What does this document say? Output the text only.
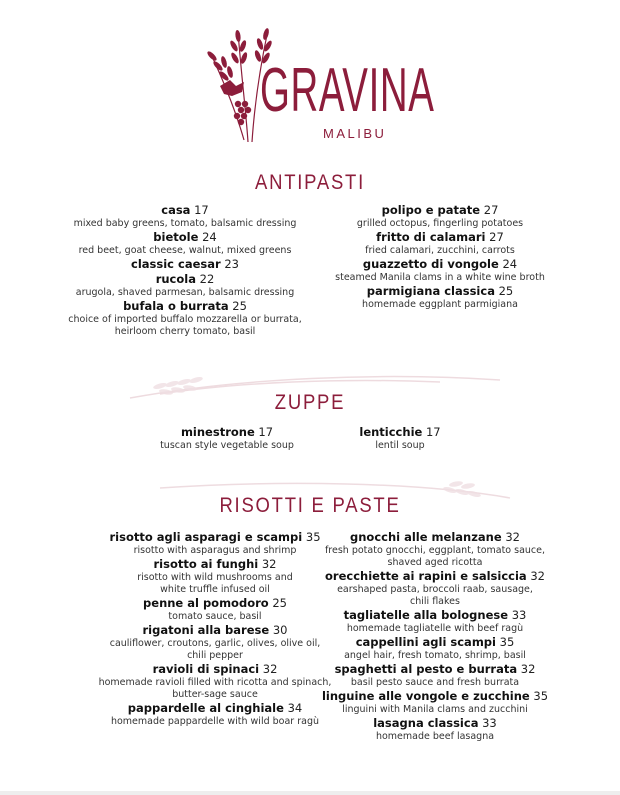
GRAVINA
MALIBU
ANTIPASTI
casa 17
mixed baby greens, tomato, balsamic dressing
bietole 24
red beet, goat cheese, walnut, mixed greens
classic caesar 23
rucola 22
arugola, shaved parmesan, balsamic dressing
bufala o burrata 25
choice of imported buffalo mozzarella or burrata,
heirloom cherry tomato, basil
polipo e patate 27
grilled octopus, fingerling potatoes
fritto di calamari 27
fried calamari, zucchini, carrots
guazzetto di vongole 24
steamed Manila clams in a white wine broth
parmigiana classica 25
homemade eggplant parmigiana
ZUPPE
minestrone 17
tuscan style vegetable soup
lenticchie 17
lentil soup
RISOTTI E PASTE
risotto agli asparagi e scampi 35
risotto with asparagus and shrimp
risotto ai funghi 32
risotto with wild mushrooms and
white truffle infused oil
penne al pomodoro 25
tomato sauce, basil
rigatoni alla barese 30
cauliflower, croutons, garlic, olives, olive oil,
chili pepper
ravioli di spinaci 32
homemade ravioli filled with ricotta and spinach,
butter-sage sauce
pappardelle al cinghiale 34
homemade pappardelle with wild boar ragù
gnocchi alle melanzane 32
fresh potato gnocchi, eggplant, tomato sauce,
shaved aged ricotta
orecchiette ai rapini e salsiccia 32
earshaped pasta, broccoli raab, sausage,
chili flakes
tagliatelle alla bolognese 33
homemade tagliatelle with beef ragù
cappellini agli scampi 35
angel hair, fresh tomato, shrimp, basil
spaghetti al pesto e burrata 32
basil pesto sauce and fresh burrata
linguine alle vongole e zucchine 35
linguini with Manila clams and zucchini
lasagna classica 33
homemade beef lasagna
